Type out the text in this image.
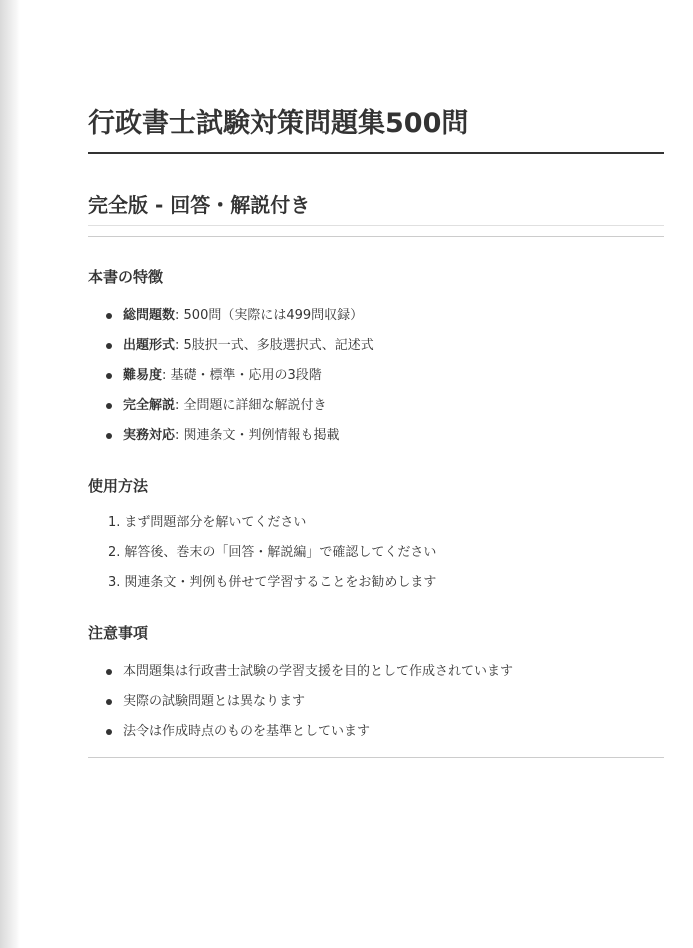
行政書士試験対策問題集500問
完全版 - 回答・解説付き
本書の特徴
総問題数: 500問（実際には499問収録）
出題形式: 5肢択一式、多肢選択式、記述式
難易度: 基礎・標準・応用の3段階
完全解説: 全問題に詳細な解説付き
実務対応: 関連条文・判例情報も掲載
使用方法
1. まず問題部分を解いてください
2. 解答後、巻末の「回答・解説編」で確認してください
3. 関連条文・判例も併せて学習することをお勧めします
注意事項
本問題集は行政書士試験の学習支援を目的として作成されています
実際の試験問題とは異なります
法令は作成時点のものを基準としています
